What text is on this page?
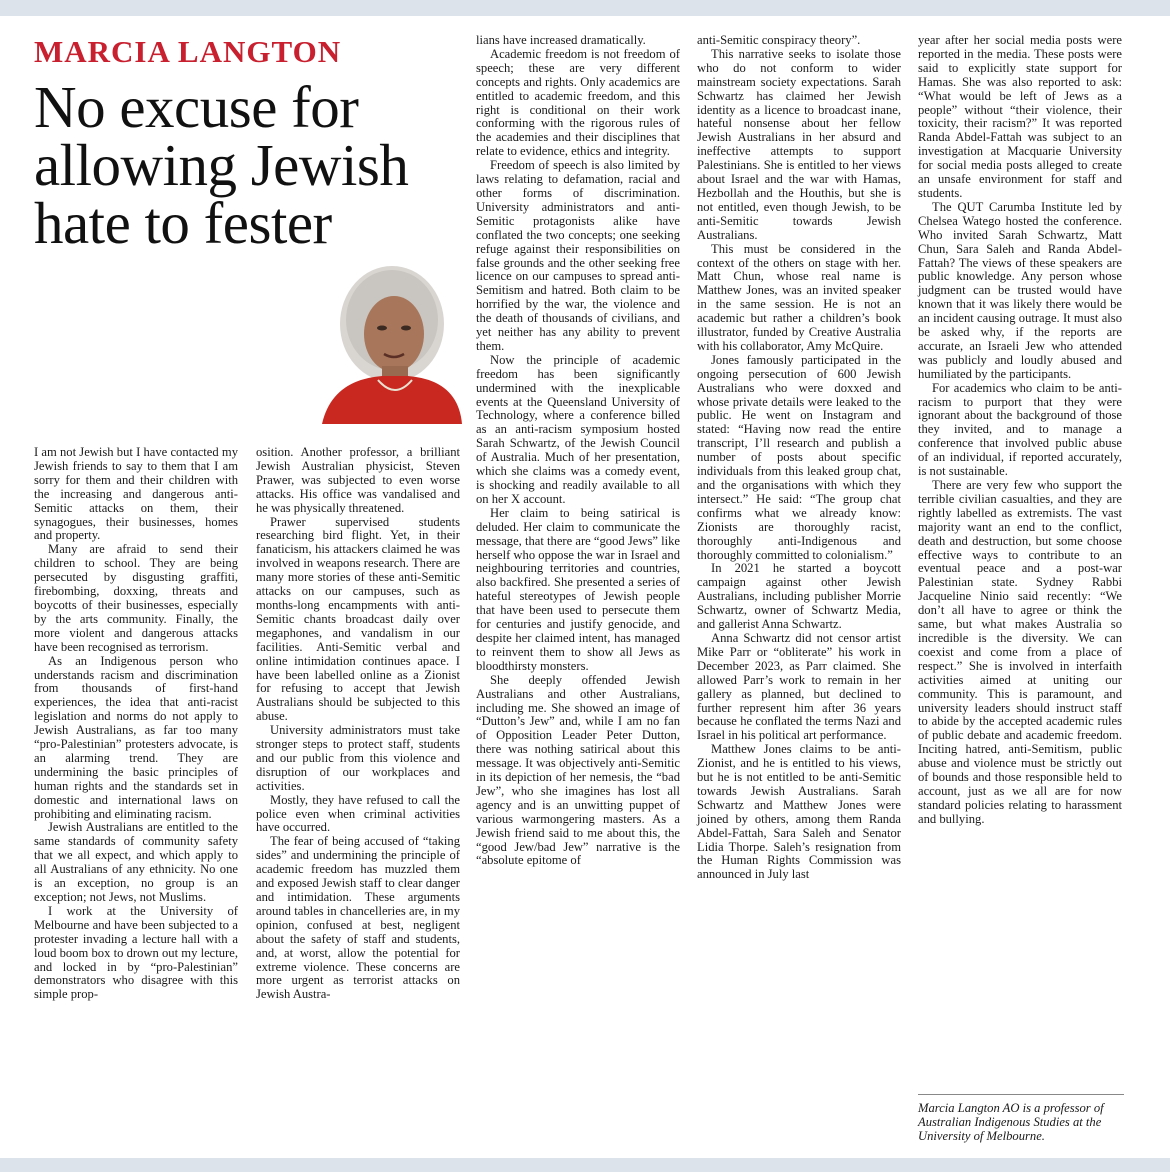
MARCIA LANGTON
No excuse for allowing Jewish hate to fester

I am not Jewish but I have contacted my Jewish friends to say to them that I am sorry for them and their children with the increasing and dangerous anti-Semitic attacks on them, their synagogues, their businesses, homes and property.

Many are afraid to send their children to school. They are being persecuted by disgusting graffiti, firebombing, doxxing, threats and boycotts of their businesses, especially by the arts community. Finally, the more violent and dangerous attacks have been recognised as terrorism.

As an Indigenous person who understands racism and discrimination from thousands of first-hand experiences, the idea that anti-racist legislation and norms do not apply to Jewish Australians, as far too many “pro-Palestinian” protesters advocate, is an alarming trend. They are undermining the basic principles of human rights and the standards set in domestic and international laws on prohibiting and eliminating racism.

Jewish Australians are entitled to the same standards of community safety that we all expect, and which apply to all Australians of any ethnicity. No one is an exception, no group is an exception; not Jews, not Muslims.

I work at the University of Melbourne and have been subjected to a protester invading a lecture hall with a loud boom box to drown out my lecture, and locked in by “pro-Palestinian” demonstrators who disagree with this simple prop-

osition. Another professor, a brilliant Jewish Australian physicist, Steven Prawer, was subjected to even worse attacks. His office was vandalised and he was physically threatened.

Prawer supervised students researching bird flight. Yet, in their fanaticism, his attackers claimed he was involved in weapons research. There are many more stories of these anti-Semitic attacks on our campuses, such as months-long encampments with anti-Semitic chants broadcast daily over megaphones, and vandalism in our facilities. Anti-Semitic verbal and online intimidation continues apace. I have been labelled online as a Zionist for refusing to accept that Jewish Australians should be subjected to this abuse.

University administrators must take stronger steps to protect staff, students and our public from this violence and disruption of our workplaces and activities.

Mostly, they have refused to call the police even when criminal activities have occurred.

The fear of being accused of “taking sides” and undermining the principle of academic freedom has muzzled them and exposed Jewish staff to clear danger and intimidation. These arguments around tables in chancelleries are, in my opinion, confused at best, negligent about the safety of staff and students, and, at worst, allow the potential for extreme violence. These concerns are more urgent as terrorist attacks on Jewish Austra-

lians have increased dramatically.

Academic freedom is not freedom of speech; these are very different concepts and rights. Only academics are entitled to academic freedom, and this right is conditional on their work conforming with the rigorous rules of the academies and their disciplines that relate to evidence, ethics and integrity.

Freedom of speech is also limited by laws relating to defamation, racial and other forms of discrimination. University administrators and anti-Semitic protagonists alike have conflated the two concepts; one seeking refuge against their responsibilities on false grounds and the other seeking free licence on our campuses to spread anti-Semitism and hatred. Both claim to be horrified by the war, the violence and the death of thousands of civilians, and yet neither has any ability to prevent them.

Now the principle of academic freedom has been significantly undermined with the inexplicable events at the Queensland University of Technology, where a conference billed as an anti-racism symposium hosted Sarah Schwartz, of the Jewish Council of Australia. Much of her presentation, which she claims was a comedy event, is shocking and readily available to all on her X account.

Her claim to being satirical is deluded. Her claim to communicate the message, that there are “good Jews” like herself who oppose the war in Israel and neighbouring territories and countries, also backfired. She presented a series of hateful stereotypes of Jewish people that have been used to persecute them for centuries and justify genocide, and despite her claimed intent, has managed to reinvent them to show all Jews as bloodthirsty monsters.

She deeply offended Jewish Australians and other Australians, including me. She showed an image of “Dutton’s Jew” and, while I am no fan of Opposition Leader Peter Dutton, there was nothing satirical about this message. It was objectively anti-Semitic in its depiction of her nemesis, the “bad Jew”, who she imagines has lost all agency and is an unwitting puppet of various warmongering masters. As a Jewish friend said to me about this, the “good Jew/bad Jew” narrative is the “absolute epitome of

anti-Semitic conspiracy theory”.

This narrative seeks to isolate those who do not conform to wider mainstream society expectations. Sarah Schwartz has claimed her Jewish identity as a licence to broadcast inane, hateful nonsense about her fellow Jewish Australians in her absurd and ineffective attempts to support Palestinians. She is entitled to her views about Israel and the war with Hamas, Hezbollah and the Houthis, but she is not entitled, even though Jewish, to be anti-Semitic towards Jewish Australians.

This must be considered in the context of the others on stage with her. Matt Chun, whose real name is Matthew Jones, was an invited speaker in the same session. He is not an academic but rather a children’s book illustrator, funded by Creative Australia with his collaborator, Amy McQuire.

Jones famously participated in the ongoing persecution of 600 Jewish Australians who were doxxed and whose private details were leaked to the public. He went on Instagram and stated: “Having now read the entire transcript, I’ll research and publish a number of posts about specific individuals from this leaked group chat, and the organisations with which they intersect.” He said: “The group chat confirms what we already know: Zionists are thoroughly racist, thoroughly anti-Indigenous and thoroughly committed to colonialism.”

In 2021 he started a boycott campaign against other Jewish Australians, including publisher Morrie Schwartz, owner of Schwartz Media, and gallerist Anna Schwartz.

Anna Schwartz did not censor artist Mike Parr or “obliterate” his work in December 2023, as Parr claimed. She allowed Parr’s work to remain in her gallery as planned, but declined to further represent him after 36 years because he conflated the terms Nazi and Israel in his political art performance.

Matthew Jones claims to be anti-Zionist, and he is entitled to his views, but he is not entitled to be anti-Semitic towards Jewish Australians. Sarah Schwartz and Matthew Jones were joined by others, among them Randa Abdel-Fattah, Sara Saleh and Senator Lidia Thorpe. Saleh’s resignation from the Human Rights Commission was announced in July last

year after her social media posts were reported in the media. These posts were said to explicitly state support for Hamas. She was also reported to ask: “What would be left of Jews as a people” without “their violence, their toxicity, their racism?” It was reported Randa Abdel-Fattah was subject to an investigation at Macquarie University for social media posts alleged to create an unsafe environment for staff and students.

The QUT Carumba Institute led by Chelsea Watego hosted the conference. Who invited Sarah Schwartz, Matt Chun, Sara Saleh and Randa Abdel-Fattah? The views of these speakers are public knowledge. Any person whose judgment can be trusted would have known that it was likely there would be an incident causing outrage. It must also be asked why, if the reports are accurate, an Israeli Jew who attended was publicly and loudly abused and humiliated by the participants.

For academics who claim to be anti-racism to purport that they were ignorant about the background of those they invited, and to manage a conference that involved public abuse of an individual, if reported accurately, is not sustainable.

There are very few who support the terrible civilian casualties, and they are rightly labelled as extremists. The vast majority want an end to the conflict, death and destruction, but some choose effective ways to contribute to an eventual peace and a post-war Palestinian state. Sydney Rabbi Jacqueline Ninio said recently: “We don’t all have to agree or think the same, but what makes Australia so incredible is the diversity. We can coexist and come from a place of respect.” She is involved in interfaith activities aimed at uniting our community. This is paramount, and university leaders should instruct staff to abide by the accepted academic rules of public debate and academic freedom. Inciting hatred, anti-Semitism, public abuse and violence must be strictly out of bounds and those responsible held to account, just as we all are for now standard policies relating to harassment and bullying.

Marcia Langton AO is a professor of Australian Indigenous Studies at the University of Melbourne.
